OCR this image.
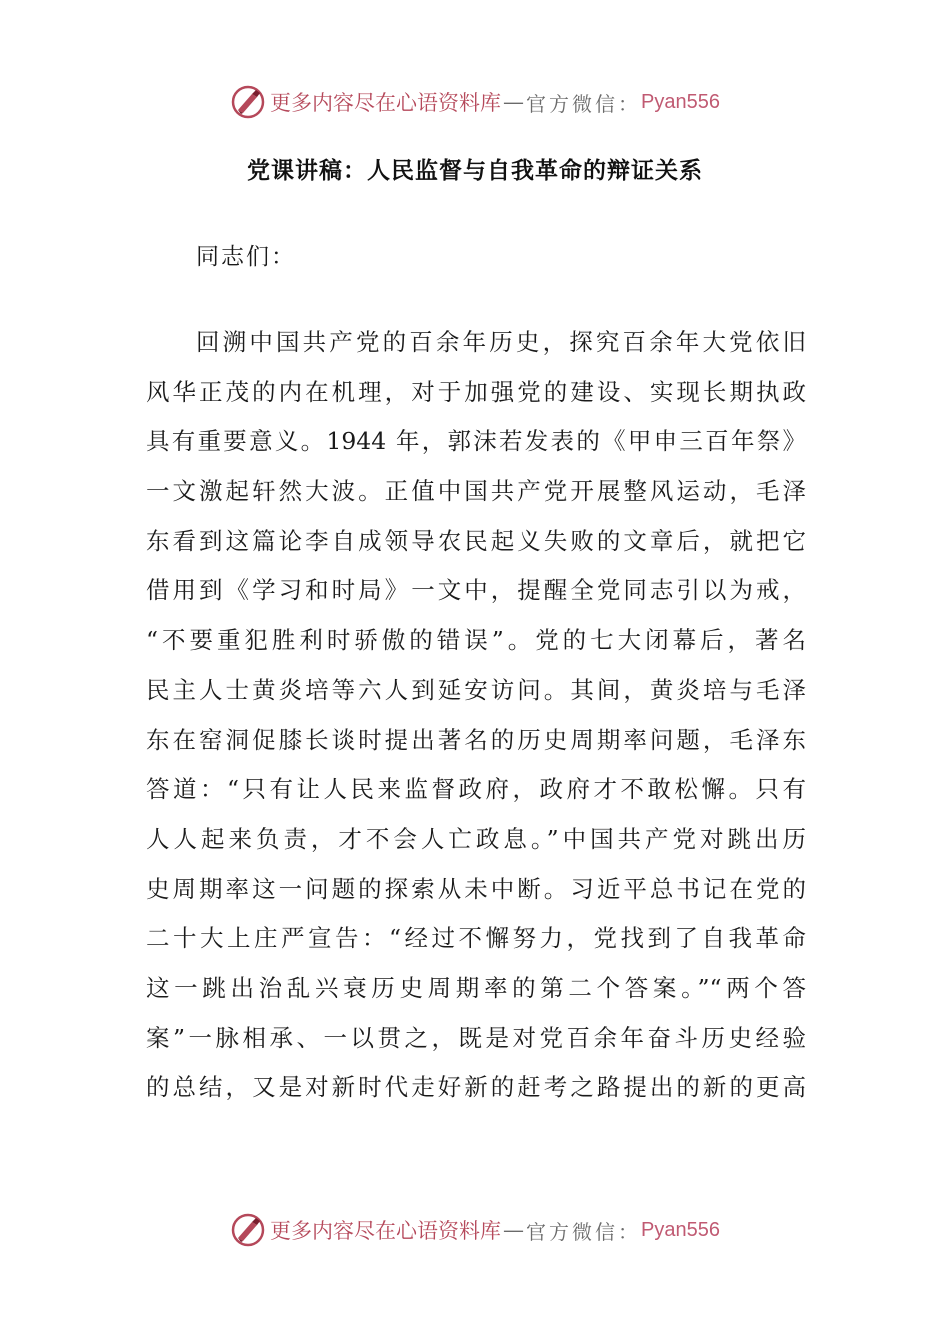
更多内容尽在心语资料库 — 官方微信： Pyan556
党课讲稿：人民监督与自我革命的辩证关系
同志们：
回溯中国共产党的百余年历史，探究百余年大党依旧
风华正茂的内在机理，对于加强党的建设、实现长期执政
具有重要意义。1944 年，郭沫若发表的《甲申三百年祭》
一文激起轩然大波。正值中国共产党开展整风运动，毛泽
东看到这篇论李自成领导农民起义失败的文章后，就把它
借用到《学习和时局》一文中，提醒全党同志引以为戒，
“不要重犯胜利时骄傲的错误”。党的七大闭幕后，著名
民主人士黄炎培等六人到延安访问。其间，黄炎培与毛泽
东在窑洞促膝长谈时提出著名的历史周期率问题，毛泽东
答道：“只有让人民来监督政府，政府才不敢松懈。只有
人人起来负责，才不会人亡政息。”中国共产党对跳出历
史周期率这一问题的探索从未中断。习近平总书记在党的
二十大上庄严宣告：“经过不懈努力，党找到了自我革命
这一跳出治乱兴衰历史周期率的第二个答案。”“两个答
案”一脉相承、一以贯之，既是对党百余年奋斗历史经验
的总结，又是对新时代走好新的赶考之路提出的新的更高
更多内容尽在心语资料库 — 官方微信： Pyan556
